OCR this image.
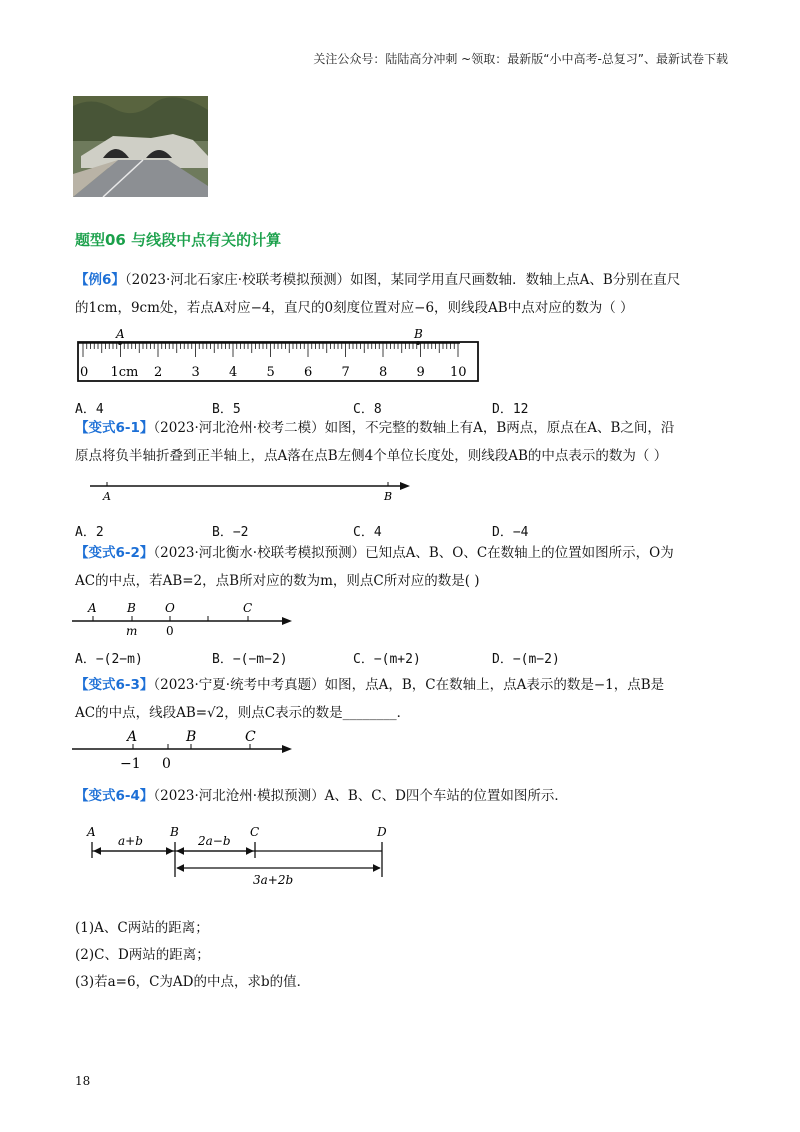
关注公众号：陆陆高分冲刺 ~领取：最新版“小中高考-总复习”、最新试卷下载
题型06 与线段中点有关的计算
【例6】（2023·河北石家庄·校联考模拟预测）如图，某同学用直尺画数轴．数轴上点A、B分别在直尺
的1cm，9cm处，若点A对应−4，直尺的0刻度位置对应−6，则线段AB中点对应的数为（ ）
A	B
0 1cm 2 3 4 5 6 7 8 9 10
A．4	B．5	C．8	D．12
【变式6-1】（2023·河北沧州·校考二模）如图，不完整的数轴上有A，B两点，原点在A、B之间，沿
原点将负半轴折叠到正半轴上，点A落在点B左侧4个单位长度处，则线段AB的中点表示的数为（ ）
A	B
A．2	B．−2	C．4	D．−4
【变式6-2】（2023·河北衡水·校联考模拟预测）已知点A、B、O、C在数轴上的位置如图所示，O为
AC的中点，若AB=2，点B所对应的数为m，则点C所对应的数是( )
A	B O	C
m 0
A．−(2−m)	B．−(−m−2)	C．−(m+2)	D．−(m−2)
【变式6-3】（2023·宁夏·统考中考真题）如图，点A，B，C在数轴上，点A表示的数是−1，点B是
AC的中点，线段AB=√2，则点C表示的数是________．
A	B	C
−1 0
【变式6-4】（2023·河北沧州·模拟预测）A、B、C、D四个车站的位置如图所示．
A	B	C	D
a+b	2a−b
3a+2b
(1)A、C两站的距离；
(2)C、D两站的距离；
(3)若a=6，C为AD的中点，求b的值．
18
